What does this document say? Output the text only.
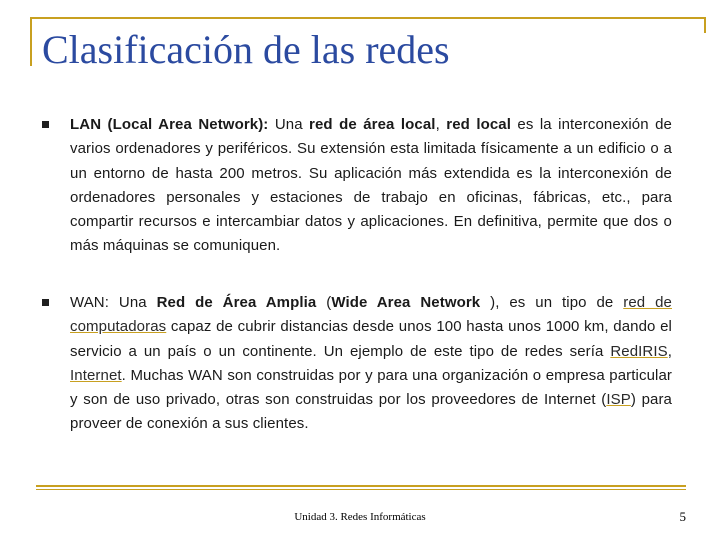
Clasificación de las redes

LAN (Local Area Network): Una red de área local, red local es la interconexión de varios ordenadores y periféricos. Su extensión esta limitada físicamente a un edificio o a un entorno de hasta 200 metros. Su aplicación más extendida es la interconexión de ordenadores personales y estaciones de trabajo en oficinas, fábricas, etc., para compartir recursos e intercambiar datos y aplicaciones. En definitiva, permite que dos o más máquinas se comuniquen.

WAN: Una Red de Área Amplia (Wide Area Network ), es un tipo de red de computadoras capaz de cubrir distancias desde unos 100 hasta unos 1000 km, dando el servicio a un país o un continente. Un ejemplo de este tipo de redes sería RedIRIS, Internet. Muchas WAN son construidas por y para una organización o empresa particular y son de uso privado, otras son construidas por los proveedores de Internet (ISP) para proveer de conexión a sus clientes.

Unidad 3. Redes Informáticas	5
